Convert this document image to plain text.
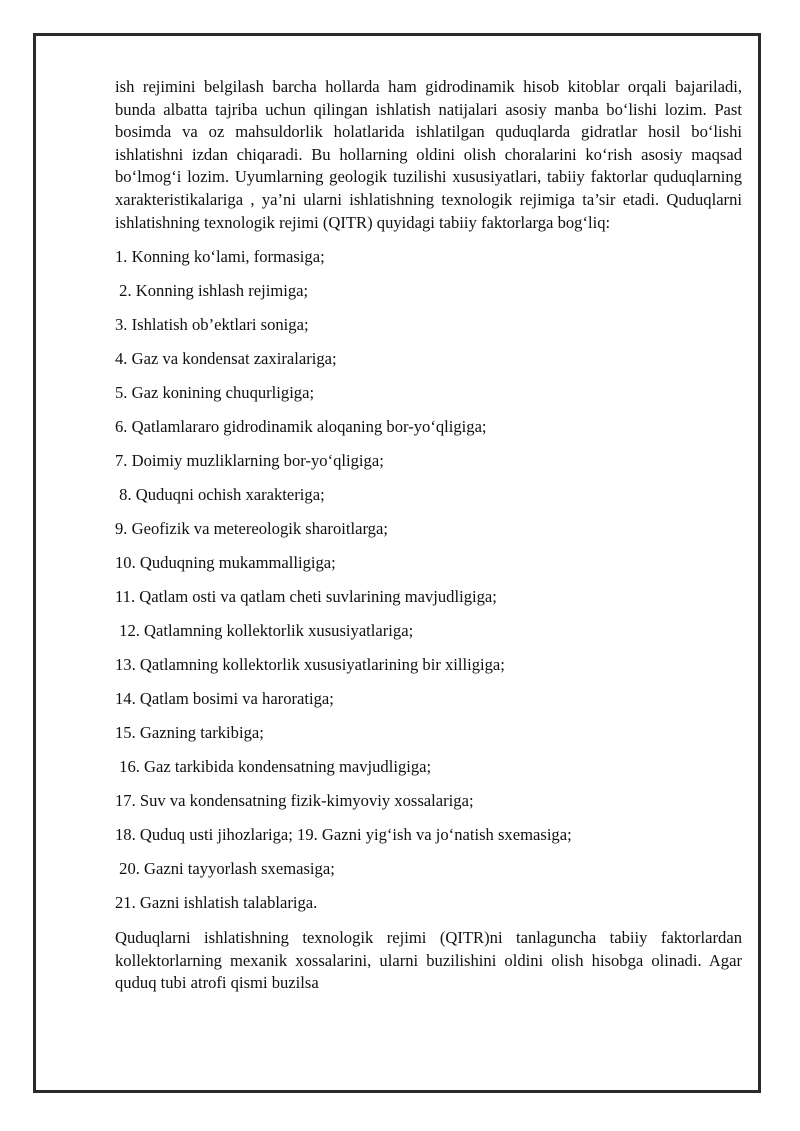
ish rejimini belgilash barcha hollarda ham gidrodinamik hisob kitoblar orqali bajariladi, bunda albatta tajriba uchun qilingan ishlatish natijalari asosiy manba boʻlishi lozim. Past bosimda va oz mahsuldorlik holatlarida ishlatilgan quduqlarda gidratlar hosil boʻlishi ishlatishni izdan chiqaradi. Bu hollarning oldini olish choralarini koʻrish asosiy maqsad boʻlmogʻi lozim. Uyumlarning geologik tuzilishi xususiyatlari, tabiiy faktorlar quduqlarning xarakteristikalariga , ya’ni ularni ishlatishning texnologik rejimiga ta’sir etadi. Quduqlarni ishlatishning texnologik rejimi (QITR) quyidagi tabiiy faktorlarga bogʻliq:

1. Konning koʻlami, formasiga;
2. Konning ishlash rejimiga;
3. Ishlatish ob’ektlari soniga;
4. Gaz va kondensat zaxiralariga;
5. Gaz konining chuqurligiga;
6. Qatlamlararo gidrodinamik aloqaning bor-yoʻqligiga;
7. Doimiy muzliklarning bor-yoʻqligiga;
8. Quduqni ochish xarakteriga;
9. Geofizik va metereologik sharoitlarga;
10. Quduqning mukammalligiga;
11. Qatlam osti va qatlam cheti suvlarining mavjudligiga;
12. Qatlamning kollektorlik xususiyatlariga;
13. Qatlamning kollektorlik xususiyatlarining bir xilligiga;
14. Qatlam bosimi va haroratiga;
15. Gazning tarkibiga;
16. Gaz tarkibida kondensatning mavjudligiga;
17. Suv va kondensatning fizik-kimyoviy xossalariga;
18. Quduq usti jihozlariga; 19. Gazni yigʻish va joʻnatish sxemasiga;
20. Gazni tayyorlash sxemasiga;
21. Gazni ishlatish talablariga.

Quduqlarni ishlatishning texnologik rejimi (QITR)ni tanlaguncha tabiiy faktorlardan kollektorlarning mexanik xossalarini, ularni buzilishini oldini olish hisobga olinadi. Agar quduq tubi atrofi qismi buzilsa
